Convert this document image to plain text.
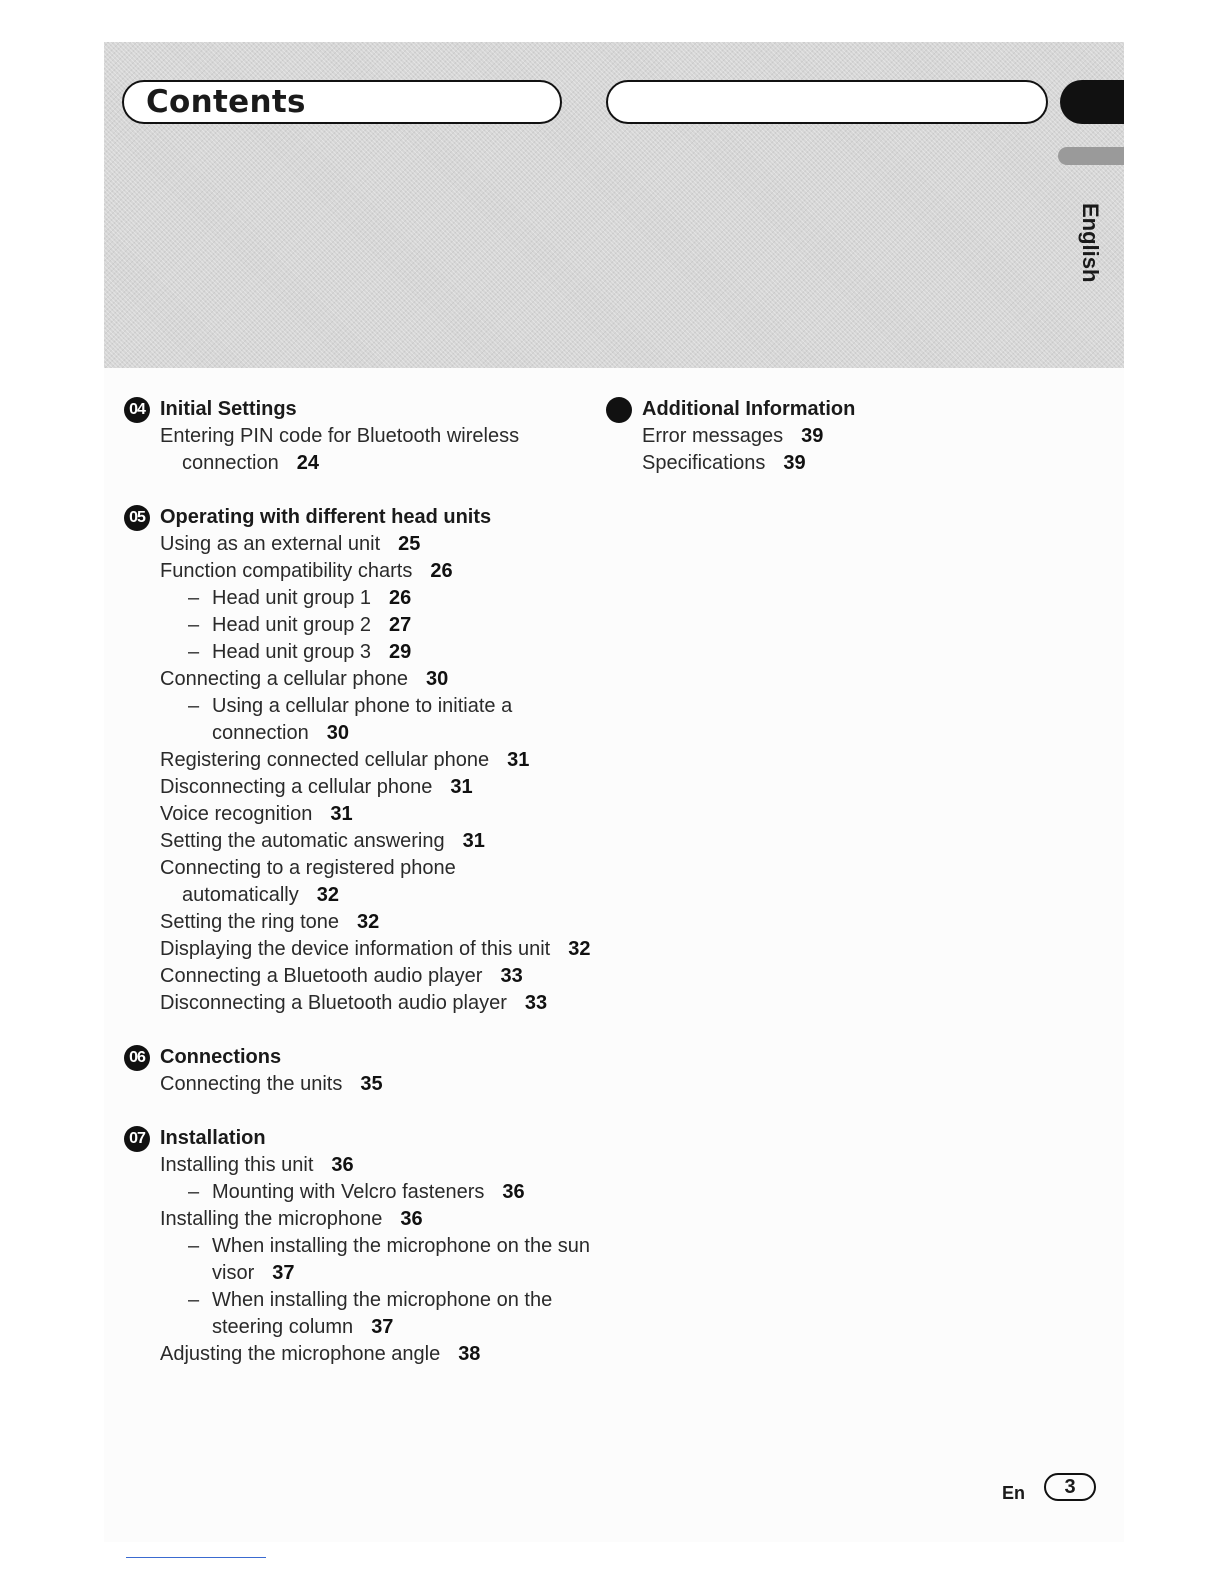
Contents
English
04 Initial Settings
Entering PIN code for Bluetooth wireless connection 24
05 Operating with different head units
Using as an external unit 25
Function compatibility charts 26
– Head unit group 1 26
– Head unit group 2 27
– Head unit group 3 29
Connecting a cellular phone 30
– Using a cellular phone to initiate a connection 30
Registering connected cellular phone 31
Disconnecting a cellular phone 31
Voice recognition 31
Setting the automatic answering 31
Connecting to a registered phone automatically 32
Setting the ring tone 32
Displaying the device information of this unit 32
Connecting a Bluetooth audio player 33
Disconnecting a Bluetooth audio player 33
06 Connections
Connecting the units 35
07 Installation
Installing this unit 36
– Mounting with Velcro fasteners 36
Installing the microphone 36
– When installing the microphone on the sun visor 37
– When installing the microphone on the steering column 37
Adjusting the microphone angle 38
Additional Information
Error messages 39
Specifications 39
En	3
